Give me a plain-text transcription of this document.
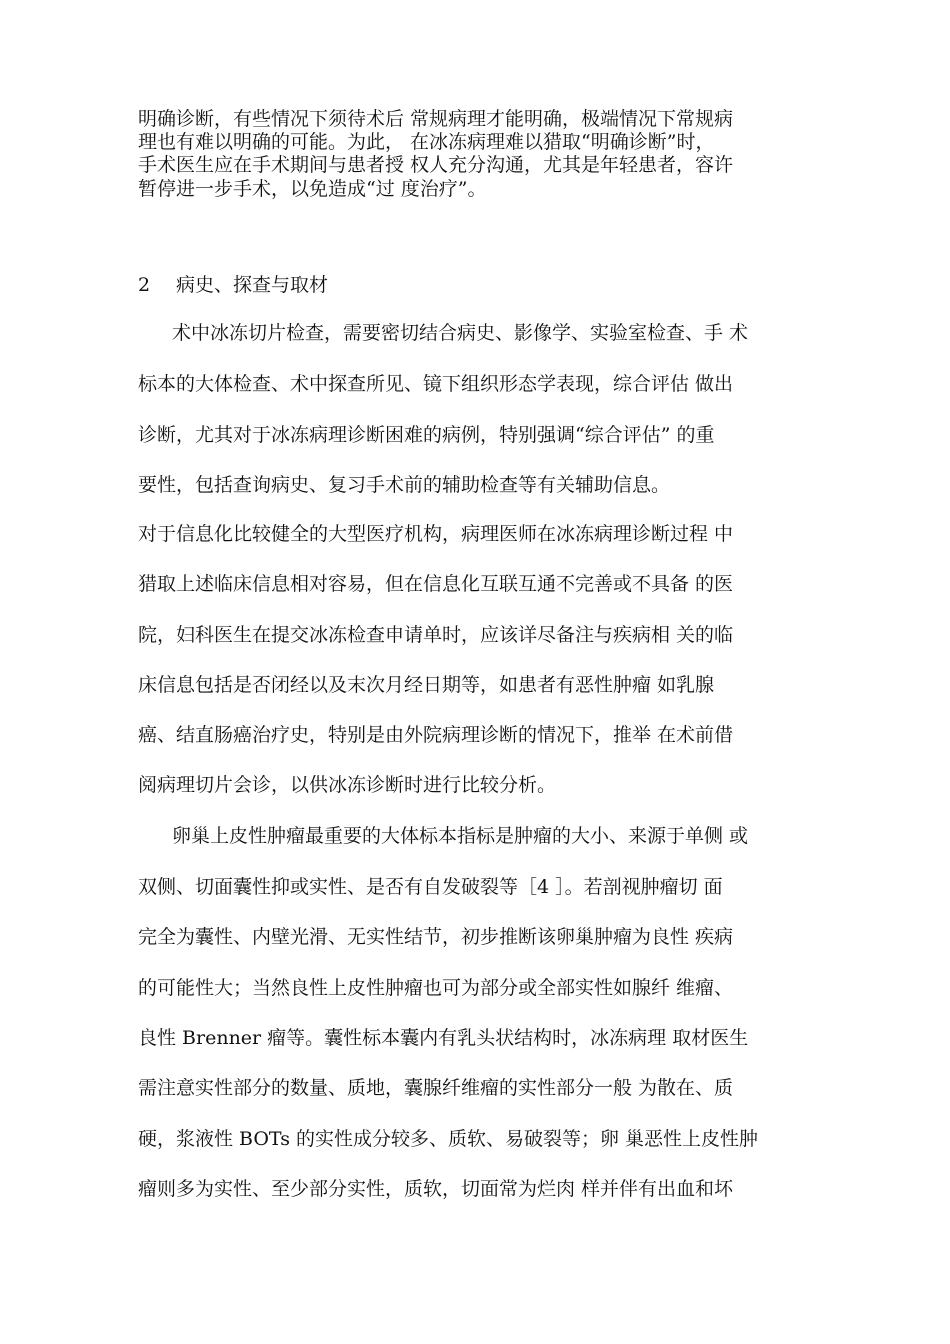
明确诊断，有些情况下须待术后 常规病理才能明确，极端情况下常规病
理也有难以明确的可能。为此， 在冰冻病理难以猎取“明确诊断”时，
手术医生应在手术期间与患者授 权人充分沟通，尤其是年轻患者，容许
暂停进一步手术，以免造成“过 度治疗”。
2 病史、探查与取材
术中冰冻切片检查，需要密切结合病史、影像学、实验室检查、手 术
标本的大体检查、术中探查所见、镜下组织形态学表现，综合评估 做出
诊断，尤其对于冰冻病理诊断困难的病例，特别强调“综合评估” 的重
要性，包括查询病史、复习手术前的辅助检查等有关辅助信息。
对于信息化比较健全的大型医疗机构，病理医师在冰冻病理诊断过程 中
猎取上述临床信息相对容易，但在信息化互联互通不完善或不具备 的医
院，妇科医生在提交冰冻检查申请单时，应该详尽备注与疾病相 关的临
床信息包括是否闭经以及末次月经日期等，如患者有恶性肿瘤 如乳腺
癌、结直肠癌治疗史，特别是由外院病理诊断的情况下，推举 在术前借
阅病理切片会诊，以供冰冻诊断时进行比较分析。
卵巢上皮性肿瘤最重要的大体标本指标是肿瘤的大小、来源于单侧 或
双侧、切面囊性抑或实性、是否有自发破裂等［4 ］。若剖视肿瘤切 面
完全为囊性、内壁光滑、无实性结节，初步推断该卵巢肿瘤为良性 疾病
的可能性大；当然良性上皮性肿瘤也可为部分或全部实性如腺纤 维瘤、
良性 Brenner 瘤等。囊性标本囊内有乳头状结构时，冰冻病理 取材医生
需注意实性部分的数量、质地，囊腺纤维瘤的实性部分一般 为散在、质
硬，浆液性 BOTs 的实性成分较多、质软、易破裂等；卵 巢恶性上皮性肿
瘤则多为实性、至少部分实性，质软，切面常为烂肉 样并伴有出血和坏
